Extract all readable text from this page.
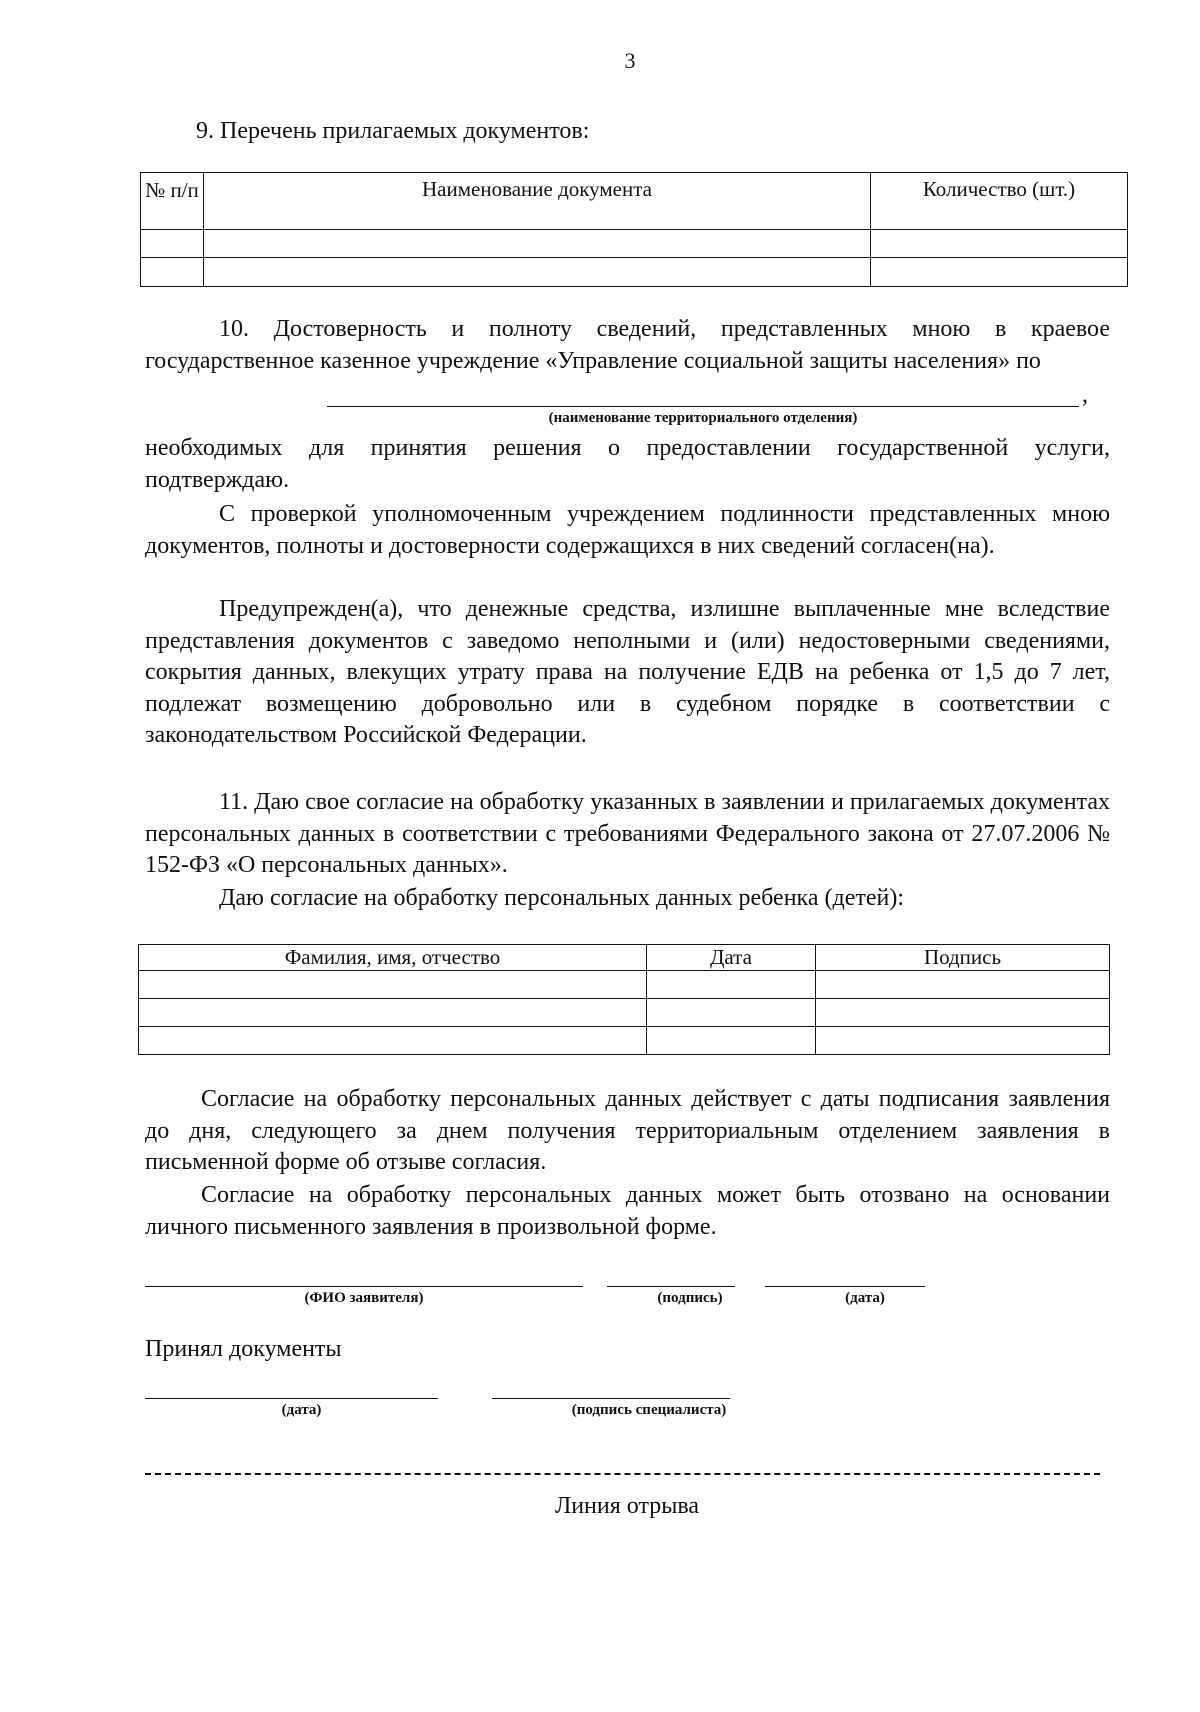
3
9. Перечень прилагаемых документов:
№ п/п	Наименование документа	Количество (шт.)

10. Достоверность и полноту сведений, представленных мною в краевое государственное казенное учреждение «Управление социальной защиты населения» по

,
(наименование территориального отделения)

необходимых для принятия решения о предоставлении государственной услуги, подтверждаю.

С проверкой уполномоченным учреждением подлинности представленных мною документов, полноты и достоверности содержащихся в них сведений согласен(на).

Предупрежден(а), что денежные средства, излишне выплаченные мне вследствие представления документов с заведомо неполными и (или) недостоверными сведениями, сокрытия данных, влекущих утрату права на получение ЕДВ на ребенка от 1,5 до 7 лет, подлежат возмещению добровольно или в судебном порядке в соответствии с законодательством Российской Федерации.

11. Даю свое согласие на обработку указанных в заявлении и прилагаемых документах персональных данных в соответствии с требованиями Федерального закона от 27.07.2006 № 152-ФЗ «О персональных данных».

Даю согласие на обработку персональных данных ребенка (детей):

Фамилия, имя, отчество	Дата	Подпись

Согласие на обработку персональных данных действует с даты подписания заявления до дня, следующего за днем получения территориальным отделением заявления в письменной форме об отзыве согласия.

Согласие на обработку персональных данных может быть отозвано на основании личного письменного заявления в произвольной форме.

(ФИО заявителя)	(подпись)	(дата)
Принял документы
(дата)	(подпись специалиста)
Линия отрыва
